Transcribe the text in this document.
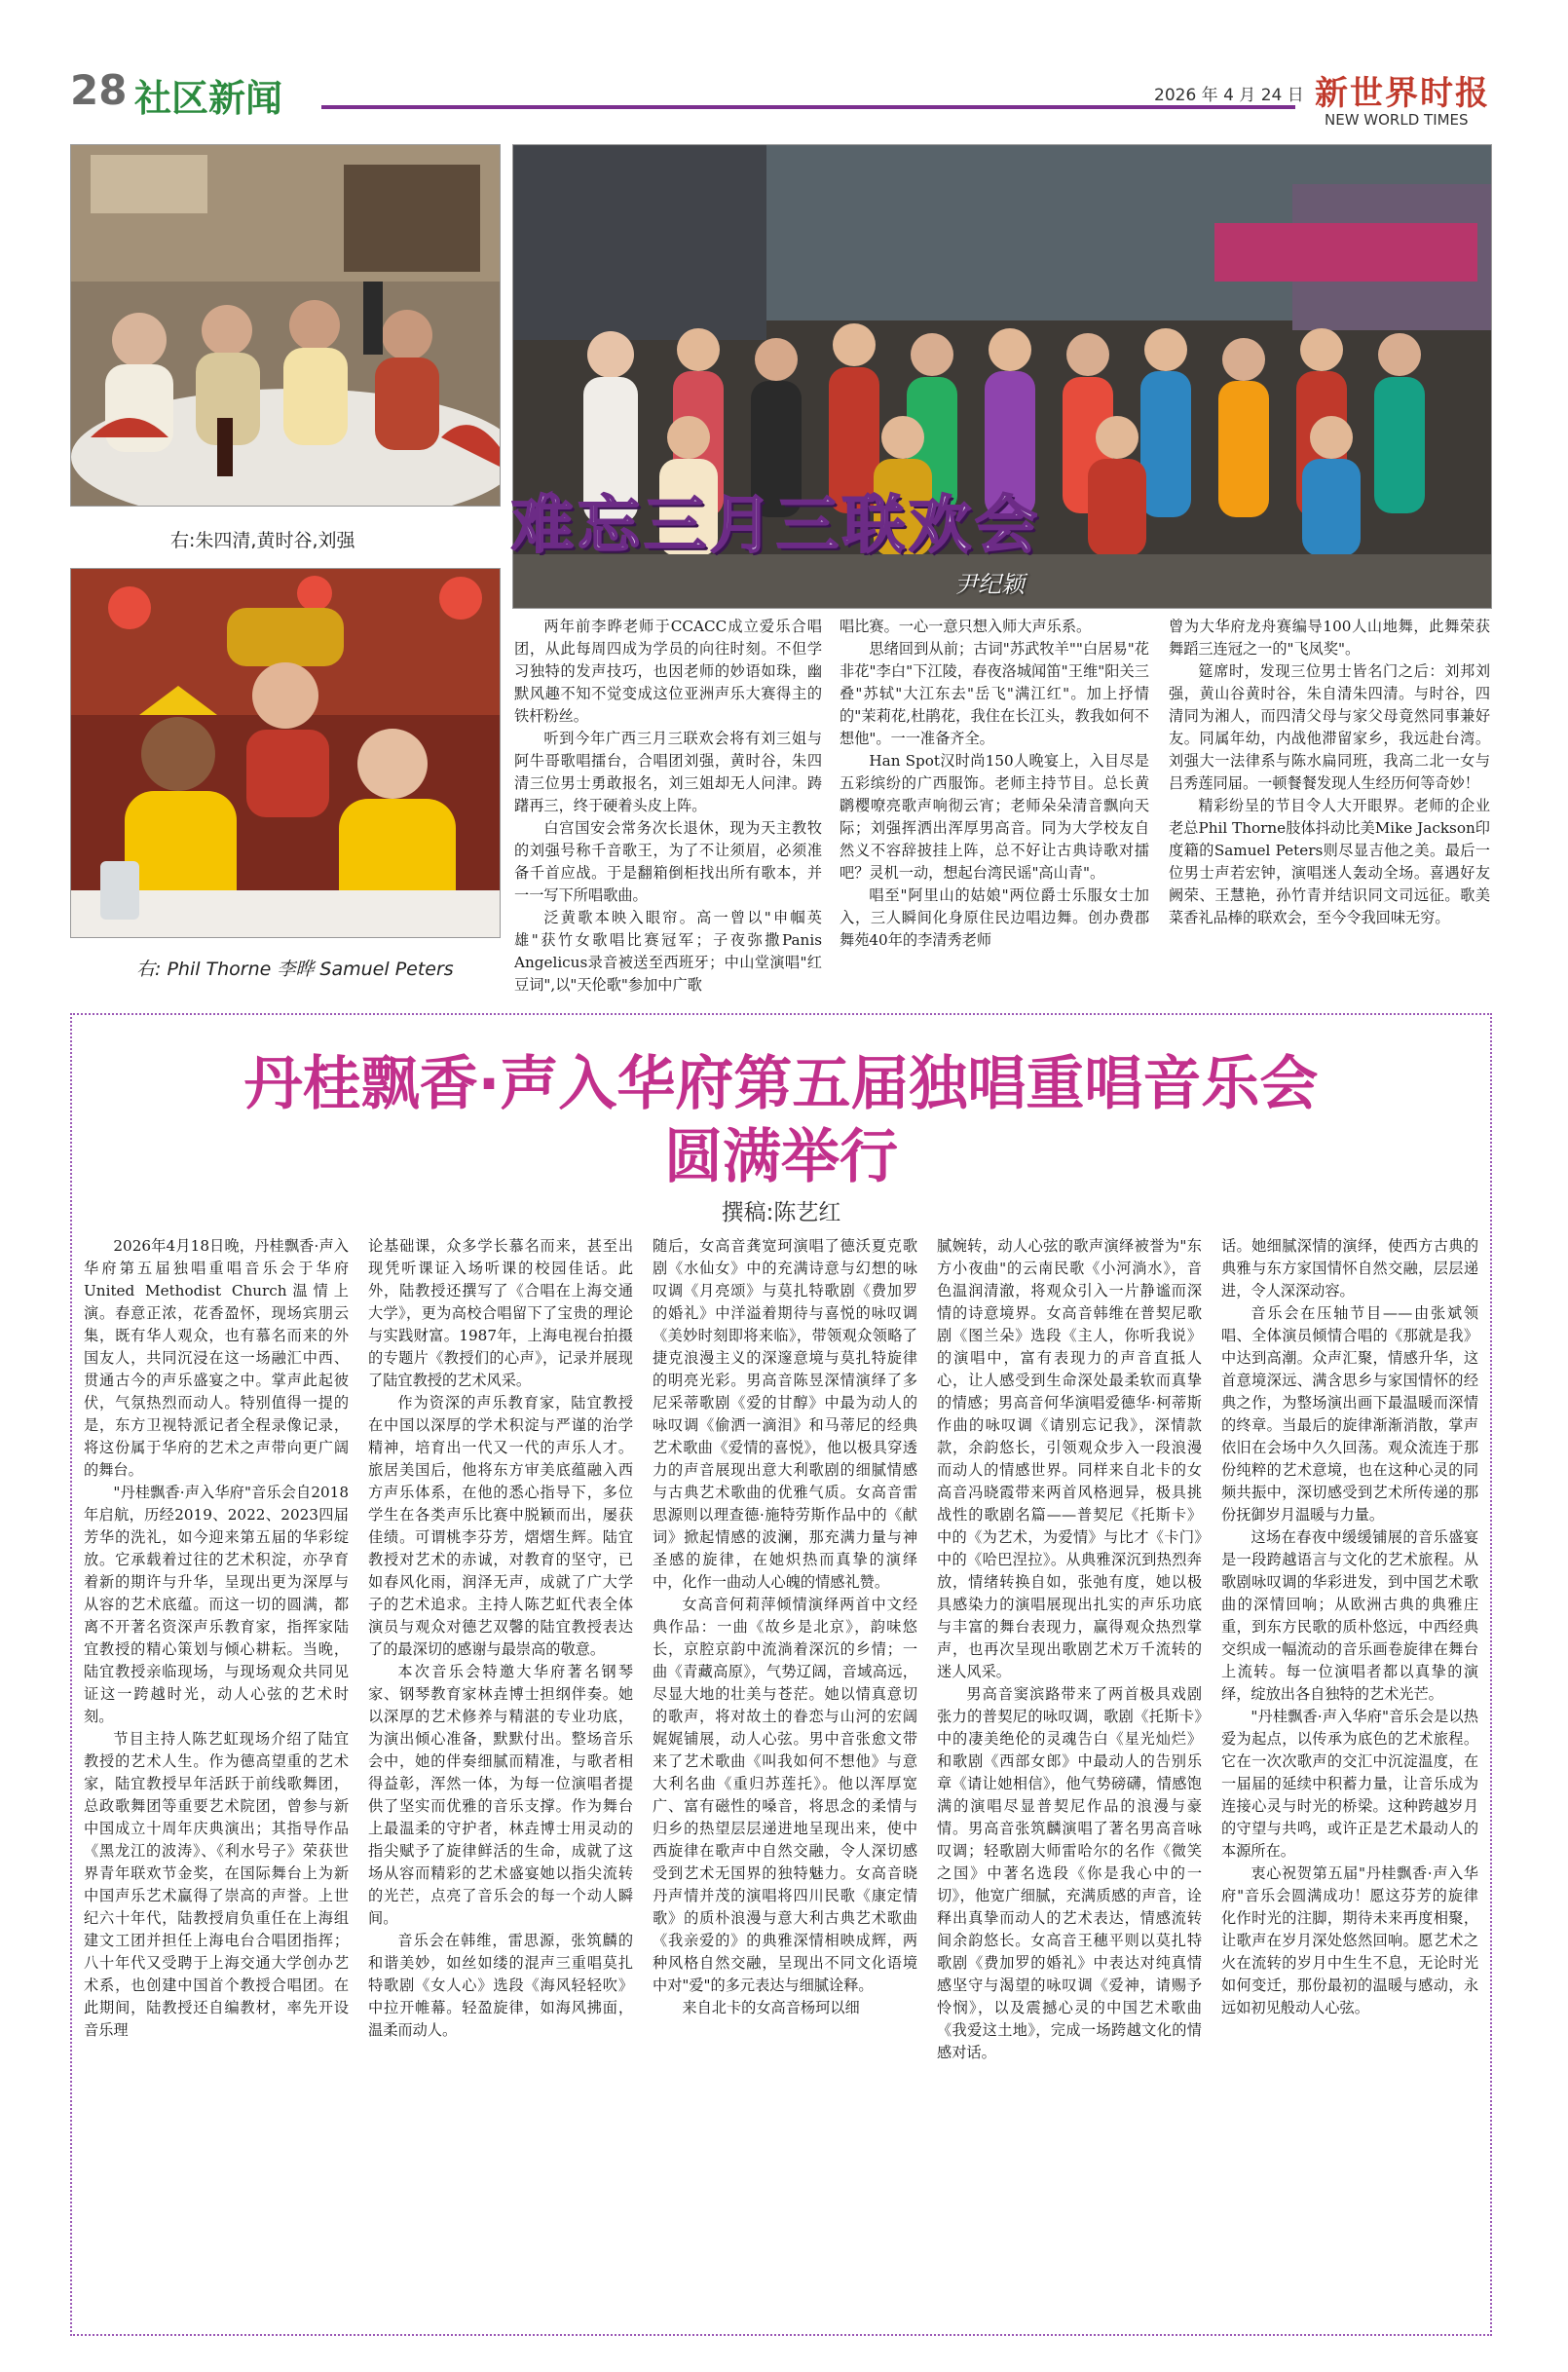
28 社区新闻	2026 年 4 月 24 日 新世界时报
NEW WORLD TIMES
右:朱四清,黄时谷,刘强
右: Phil Thorne 李晔 Samuel Peters
难忘三月三联欢会
尹纪颖

两年前李晔老师于CCACC成立爱乐合唱团，从此每周四成为学员的向往时刻。不但学习独特的发声技巧，也因老师的妙语如珠，幽默风趣不知不觉变成这位亚洲声乐大赛得主的铁杆粉丝。

听到今年广西三月三联欢会将有刘三姐与阿牛哥歌唱擂台，合唱团刘强，黄时谷，朱四清三位男士勇敢报名，刘三姐却无人问津。踌躇再三，终于硬着头皮上阵。

白宫国安会常务次长退休，现为天主教牧的刘强号称千音歌王，为了不让须眉，必须准备千首应战。于是翻箱倒柜找出所有歌本，并一一写下所唱歌曲。

泛黄歌本映入眼帘。高一曾以"申帼英雄"获竹女歌唱比赛冠军；子夜弥撒Panis Angelicus录音被送至西班牙；中山堂演唱"红豆词",以"天伦歌"参加中广歌

唱比赛。一心一意只想入师大声乐系。

思绪回到从前；古词"苏武牧羊""白居易"花非花"李白"下江陵，春夜洛城闻笛"王维"阳关三叠"苏轼"大江东去"岳飞"满江红"。加上抒情的"茉莉花,杜鹃花，我住在长江头，教我如何不想他"。一一准备齐全。

Han Spot汉时尚150人晚宴上，入目尽是五彩缤纷的广西服饰。老师主持节目。总长黄䴙樱嘹亮歌声响彻云宵；老师朵朵清音飘向天际；刘强挥洒出浑厚男高音。同为大学校友自然义不容辞披挂上阵，总不好让古典诗歌对擂吧？灵机一动，想起台湾民谣"高山青"。

唱至"阿里山的姑娘"两位爵士乐服女士加入，三人瞬间化身原住民边唱边舞。创办费郡舞苑40年的李清秀老师

曾为大华府龙舟赛编导100人山地舞，此舞荣获舞蹈三连冠之一的"飞凤奖"。

筵席时，发现三位男士皆名门之后：刘邦刘强，黄山谷黄时谷，朱自清朱四清。与时谷，四清同为湘人，而四清父母与家父母竟然同事兼好友。同属年幼，内战他滞留家乡，我远赴台湾。刘强大一法律系与陈水扁同班，我高二北一女与吕秀莲同届。一顿餐餐发现人生经历何等奇妙！

精彩纷呈的节目令人大开眼界。老师的企业老总Phil Thorne肢体抖动比美Mike Jackson印度籍的Samuel Peters则尽显吉他之美。最后一位男士声若宏钟，演唱迷人轰动全场。喜遇好友阙荣、王慧艳，孙竹青并结识同文司远征。歌美菜香礼品棒的联欢会，至今令我回味无穷。

丹桂飘香·声入华府第五届独唱重唱音乐会
圆满举行
撰稿:陈艺红

2026年4月18日晚，丹桂飘香·声入华府第五届独唱重唱音乐会于华府United Methodist Church温情上演。春意正浓，花香盈怀，现场宾朋云集，既有华人观众，也有慕名而来的外国友人，共同沉浸在这一场融汇中西、贯通古今的声乐盛宴之中。掌声此起彼伏，气氛热烈而动人。特别值得一提的是，东方卫视特派记者全程录像记录，将这份属于华府的艺术之声带向更广阔的舞台。

"丹桂飘香·声入华府"音乐会自2018年启航，历经2019、2022、2023四届芳华的洗礼，如今迎来第五届的华彩绽放。它承载着过往的艺术积淀，亦孕育着新的期许与升华，呈现出更为深厚与从容的艺术底蕴。而这一切的圆满，都离不开著名资深声乐教育家，指挥家陆宜教授的精心策划与倾心耕耘。当晚，陆宜教授亲临现场，与现场观众共同见证这一跨越时光，动人心弦的艺术时刻。

节目主持人陈艺虹现场介绍了陆宜教授的艺术人生。作为德高望重的艺术家，陆宜教授早年活跃于前线歌舞团，总政歌舞团等重要艺术院团，曾参与新中国成立十周年庆典演出；其指导作品《黑龙江的波涛》、《利水号子》荣获世界青年联欢节金奖，在国际舞台上为新中国声乐艺术赢得了崇高的声誉。上世纪六十年代，陆教授肩负重任在上海组建文工团并担任上海电台合唱团指挥；八十年代又受聘于上海交通大学创办艺术系，也创建中国首个教授合唱团。在此期间，陆教授还自编教材，率先开设音乐理

论基础课，众多学长慕名而来，甚至出现凭听课证入场听课的校园佳话。此外，陆教授还撰写了《合唱在上海交通大学》，更为高校合唱留下了宝贵的理论与实践财富。1987年，上海电视台拍摄的专题片《教授们的心声》，记录并展现了陆宜教授的艺术风采。

作为资深的声乐教育家，陆宜教授在中国以深厚的学术积淀与严谨的治学精神，培育出一代又一代的声乐人才。旅居美国后，他将东方审美底蕴融入西方声乐体系，在他的悉心指导下，多位学生在各类声乐比赛中脱颖而出，屡获佳绩。可谓桃李芬芳，熠熠生辉。陆宜教授对艺术的赤诚，对教育的坚守，已如春风化雨，润泽无声，成就了广大学子的艺术追求。主持人陈艺虹代表全体演员与观众对德艺双馨的陆宜教授表达了的最深切的感谢与最崇高的敬意。

本次音乐会特邀大华府著名钢琴家、钢琴教育家林垚博士担纲伴奏。她以深厚的艺术修养与精湛的专业功底，为演出倾心准备，默默付出。整场音乐会中，她的伴奏细腻而精准，与歌者相得益彰，浑然一体，为每一位演唱者提供了坚实而优雅的音乐支撑。作为舞台上最温柔的守护者，林垚博士用灵动的指尖赋予了旋律鲜活的生命，成就了这场从容而精彩的艺术盛宴她以指尖流转的光芒，点亮了音乐会的每一个动人瞬间。

音乐会在韩维，雷思源，张筑麟的和谐美妙，如丝如缕的混声三重唱莫扎特歌剧《女人心》选段《海风轻轻吹》中拉开帷幕。轻盈旋律，如海风拂面，温柔而动人。

随后，女高音龚宽珂演唱了德沃夏克歌剧《水仙女》中的充满诗意与幻想的咏叹调《月亮颂》与莫扎特歌剧《费加罗的婚礼》中洋溢着期待与喜悦的咏叹调《美妙时刻即将来临》，带领观众领略了捷克浪漫主义的深邃意境与莫扎特旋律的明亮光彩。男高音陈昱深情演绎了多尼采蒂歌剧《爱的甘醇》中最为动人的咏叹调《偷洒一滴泪》和马蒂尼的经典艺术歌曲《爱情的喜悦》，他以极具穿透力的声音展现出意大利歌剧的细腻情感与古典艺术歌曲的优雅气质。女高音雷思源则以理查德·施特劳斯作品中的《献词》掀起情感的波澜，那充满力量与神圣感的旋律，在她炽热而真挚的演绎中，化作一曲动人心魄的情感礼赞。

女高音何莉萍倾情演绎两首中文经典作品：一曲《故乡是北京》，韵味悠长，京腔京韵中流淌着深沉的乡情；一曲《青藏高原》，气势辽阔，音域高远，尽显大地的壮美与苍茫。她以情真意切的歌声，将对故土的眷恋与山河的宏阔娓娓铺展，动人心弦。男中音张愈文带来了艺术歌曲《叫我如何不想他》与意大利名曲《重归苏莲托》。他以浑厚宽广、富有磁性的嗓音，将思念的柔情与归乡的热望层层递进地呈现出来，使中西旋律在歌声中自然交融，令人深切感受到艺术无国界的独特魅力。女高音晓丹声情并茂的演唱将四川民歌《康定情歌》的质朴浪漫与意大利古典艺术歌曲《我亲爱的》的典雅深情相映成辉，两种风格自然交融，呈现出不同文化语境中对"爱"的多元表达与细腻诠释。

来自北卡的女高音杨珂以细

腻婉转，动人心弦的歌声演绎被誉为"东方小夜曲"的云南民歌《小河淌水》，音色温润清澈，将观众引入一片静谧而深情的诗意境界。女高音韩维在普契尼歌剧《图兰朵》选段《主人，你听我说》的演唱中，富有表现力的声音直抵人心，让人感受到生命深处最柔软而真挚的情感；男高音何华演唱爱德华·柯蒂斯作曲的咏叹调《请别忘记我》，深情款款，余韵悠长，引领观众步入一段浪漫而动人的情感世界。同样来自北卡的女高音冯晓霞带来两首风格迥异，极具挑战性的歌剧名篇——普契尼《托斯卡》中的《为艺术，为爱情》与比才《卡门》中的《哈巴涅拉》。从典雅深沉到热烈奔放，情绪转换自如，张弛有度，她以极具感染力的演唱展现出扎实的声乐功底与丰富的舞台表现力，赢得观众热烈掌声，也再次呈现出歌剧艺术万千流转的迷人风采。

男高音窦滨路带来了两首极具戏剧张力的普契尼的咏叹调，歌剧《托斯卡》中的凄美绝伦的灵魂告白《星光灿烂》和歌剧《西部女郎》中最动人的告别乐章《请让她相信》，他气势磅礴，情感饱满的演唱尽显普契尼作品的浪漫与豪情。男高音张筑麟演唱了著名男高音咏叹调；轻歌剧大师雷哈尔的名作《微笑之国》中著名选段《你是我心中的一切》，他宽广细腻，充满质感的声音，诠释出真挚而动人的艺术表达，情感流转间余韵悠长。女高音王穗平则以莫扎特歌剧《费加罗的婚礼》中表达对纯真情感坚守与渴望的咏叹调《爱神，请赐予怜悯》，以及震撼心灵的中国艺术歌曲《我爱这土地》，完成一场跨越文化的情感对话。

话。她细腻深情的演绎，使西方古典的典雅与东方家国情怀自然交融，层层递进，令人深深动容。

音乐会在压轴节目——由张斌领唱、全体演员倾情合唱的《那就是我》中达到高潮。众声汇聚，情感升华，这首意境深远、满含思乡与家国情怀的经典之作，为整场演出画下最温暖而深情的终章。当最后的旋律渐渐消散，掌声依旧在会场中久久回荡。观众流连于那份纯粹的艺术意境，也在这种心灵的同频共振中，深切感受到艺术所传递的那份抚御岁月温暖与力量。

这场在春夜中缓缓铺展的音乐盛宴是一段跨越语言与文化的艺术旅程。从歌剧咏叹调的华彩进发，到中国艺术歌曲的深情回响；从欧洲古典的典雅庄重，到东方民歌的质朴悠远，中西经典交织成一幅流动的音乐画卷旋律在舞台上流转。每一位演唱者都以真挚的演绎，绽放出各自独特的艺术光芒。

"丹桂飘香·声入华府"音乐会是以热爱为起点，以传承为底色的艺术旅程。它在一次次歌声的交汇中沉淀温度，在一届届的延续中积蓄力量，让音乐成为连接心灵与时光的桥梁。这种跨越岁月的守望与共鸣，或许正是艺术最动人的本源所在。

衷心祝贺第五届"丹桂飘香·声入华府"音乐会圆满成功！愿这芬芳的旋律化作时光的注脚，期待未来再度相聚，让歌声在岁月深处悠然回响。愿艺术之火在流转的岁月中生生不息，无论时光如何变迁，那份最初的温暖与感动，永远如初见般动人心弦。
